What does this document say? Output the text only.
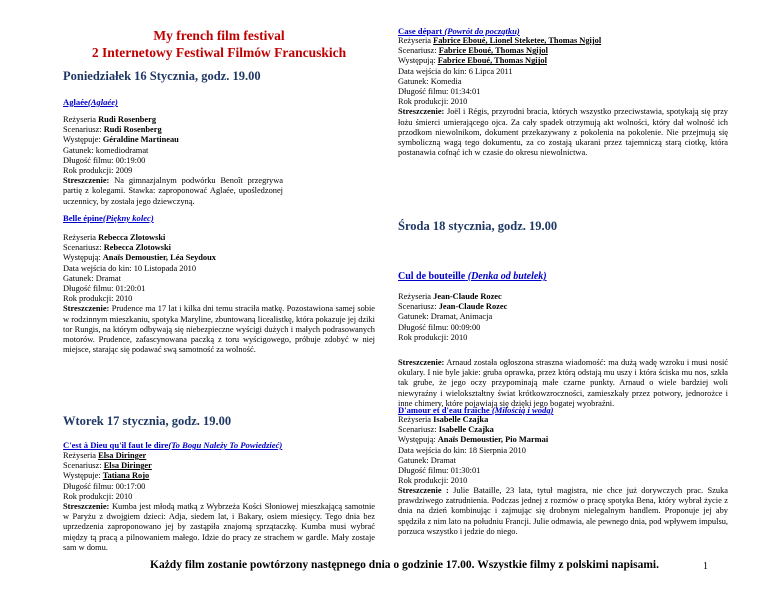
My french film festival
2 Internetowy Festiwal Filmów Francuskich
Poniedziałek 16 Stycznia, godz. 19.00
Aglaée(Aglaée)
Reżyseria Rudi Rosenberg
Scenariusz: Rudi Rosenberg
Występuje: Géraldine Martineau
Gatunek: komediodramat
Długość filmu: 00:19:00
Rok produkcji: 2009
Streszczenie: Na gimnazjalnym podwórku Benoît przegrywa partię z kolegami. Stawka: zaproponować Aglaée, upośledzonej uczennicy, by została jego dziewczyną.
Belle épine(Piękny kolec)
Reżyseria Rebecca Zlotowski
Scenariusz: Rebecca Zlotowski
Występują: Anaïs Demoustier, Léa Seydoux
Data wejścia do kin: 10 Listopada 2010
Gatunek: Dramat
Długość filmu: 01:20:01
Rok produkcji: 2010
Streszczenie: Prudence ma 17 lat i kilka dni temu straciła matkę. Pozostawiona samej sobie w rodzinnym mieszkaniu, spotyka Maryline, zbuntowaną licealistkę, która pokazuje jej dziki tor Rungis, na którym odbywają się niebezpieczne wyścigi dużych i małych podrasowanych motorów. Prudence, zafascynowana paczką z toru wyścigowego, próbuje zdobyć w niej miejsce, starając się podawać swą samotność za wolność.
Wtorek 17 stycznia, godz. 19.00
C'est à Dieu qu'il faut le dire(To Bogu Należy To Powiedzieć)
Reżyseria Elsa Diringer
Scenariusz: Elsa Diringer
Występuje: Tatiana Rojo
Długość filmu: 00:17:00
Rok produkcji: 2010
Streszczenie: Kumba jest młodą matką z Wybrzeża Kości Słoniowej mieszkającą samotnie w Paryżu z dwojgiem dzieci: Adja, siedem lat, i Bakary, osiem miesięcy. Tego dnia bez uprzedzenia zaproponowano jej by zastąpiła znajomą sprzątaczkę. Kumba musi wybrać między tą pracą a pilnowaniem małego. Idzie do pracy ze strachem w gardle. Mały zostaje sam w domu.
Case départ (Powrót do początku)
Reżyseria Fabrice Eboué, Lionel Steketee, Thomas Ngijol
Scenariusz: Fabrice Eboué, Thomas Ngijol
Występują: Fabrice Eboué, Thomas Ngijol
Data wejścia do kin: 6 Lipca 2011
Gatunek: Komedia
Długość filmu: 01:34:01
Rok produkcji: 2010
Streszczenie: Joël i Régis, przyrodni bracia, których wszystko przeciwstawia, spotykają się przy łożu śmierci umierającego ojca. Za cały spadek otrzymują akt wolności, który dał wolność ich przodkom niewolnikom, dokument przekazywany z pokolenia na pokolenie. Nie przejmują się symboliczną wagą tego dokumentu, za co zostają ukarani przez tajemniczą starą ciotkę, która postanawia cofnąć ich w czasie do okresu niewolnictwa.
Środa 18 stycznia, godz. 19.00
Cul de bouteille (Denka od butelek)
Reżyseria Jean-Claude Rozec
Scenariusz: Jean-Claude Rozec
Gatunek: Dramat, Animacja
Długość filmu: 00:09:00
Rok produkcji: 2010
Streszczenie: Arnaud została ogłoszona straszna wiadomość: ma dużą wadę wzroku i musi nosić okulary. I nie byle jakie: gruba oprawka, przez którą odstają mu uszy i która ściska mu nos, szkła tak grube, że jego oczy przypominają małe czarne punkty. Arnaud o wiele bardziej woli niewyraźny i wielokształtny świat krótkowzroczności, zamieszkały przez potwory, jednorożce i inne chimery, które pojawiają się dzięki jego bogatej wyobraźni.
D'amour et d'eau fraîche (Miłością i wodą)
Reżyseria Isabelle Czajka
Scenariusz: Isabelle Czajka
Występują: Anaïs Demoustier, Pio Marmai
Data wejścia do kin: 18 Sierpnia 2010
Gatunek: Dramat
Długość filmu: 01:30:01
Rok produkcji: 2010
Streszczenie : Julie Bataille, 23 lata, tytuł magistra, nie chce już dorywczych prac. Szuka prawdziwego zatrudnienia. Podczas jednej z rozmów o pracę spotyka Bena, który wybrał życie z dnia na dzień kombinując i zajmując się drobnym nielegalnym handlem. Proponuje jej aby spędziła z nim lato na południu Francji. Julie odmawia, ale pewnego dnia, pod wpływem impulsu, porzuca wszystko i jedzie do niego.
Każdy film zostanie powtórzony następnego dnia o godzinie 17.00. Wszystkie filmy z polskimi napisami.	1
